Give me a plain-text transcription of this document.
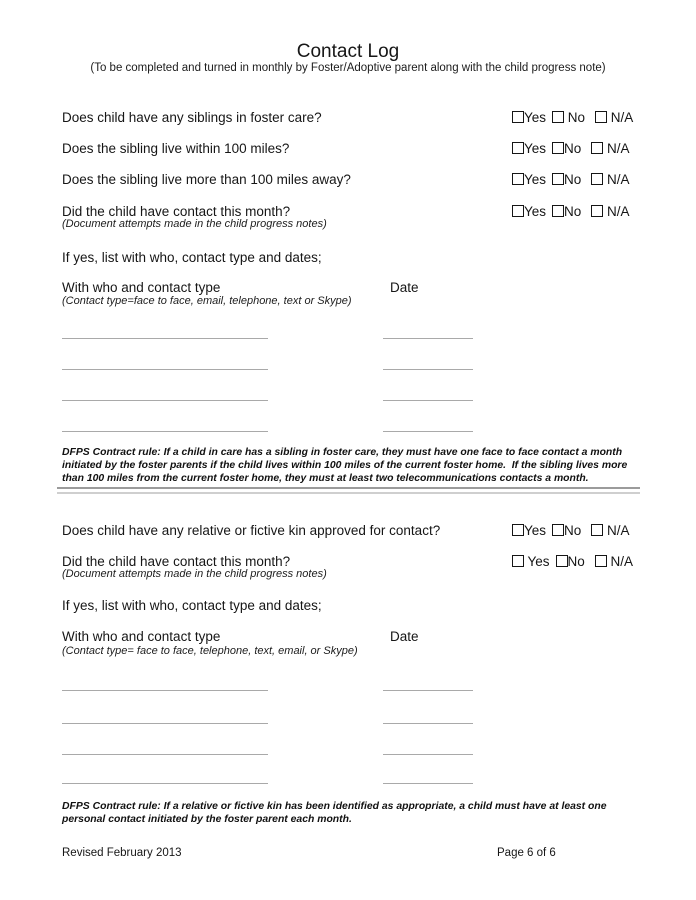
Contact Log
(To be completed and turned in monthly by Foster/Adoptive parent along with the child progress note)
Does child have any siblings in foster care?	Yes No N/A
Does the sibling live within 100 miles?	Yes No N/A
Does the sibling live more than 100 miles away?	Yes No N/A
Did the child have contact this month?	Yes No N/A
(Document attempts made in the child progress notes)
If yes, list with who, contact type and dates;
With who and contact type	Date
(Contact type=face to face, email, telephone, text or Skype)
DFPS Contract rule: If a child in care has a sibling in foster care, they must have one face to face contact a month initiated by the foster parents if the child lives within 100 miles of the current foster home.  If the sibling lives more than 100 miles from the current foster home, they must at least two telecommunications contacts a month.
Does child have any relative or fictive kin approved for contact?	Yes No N/A
Did the child have contact this month?	Yes No N/A
(Document attempts made in the child progress notes)
If yes, list with who, contact type and dates;
With who and contact type	Date
(Contact type= face to face, telephone, text, email, or Skype)
DFPS Contract rule: If a relative or fictive kin has been identified as appropriate, a child must have at least one personal contact initiated by the foster parent each month.
Revised February 2013	Page 6 of 6
